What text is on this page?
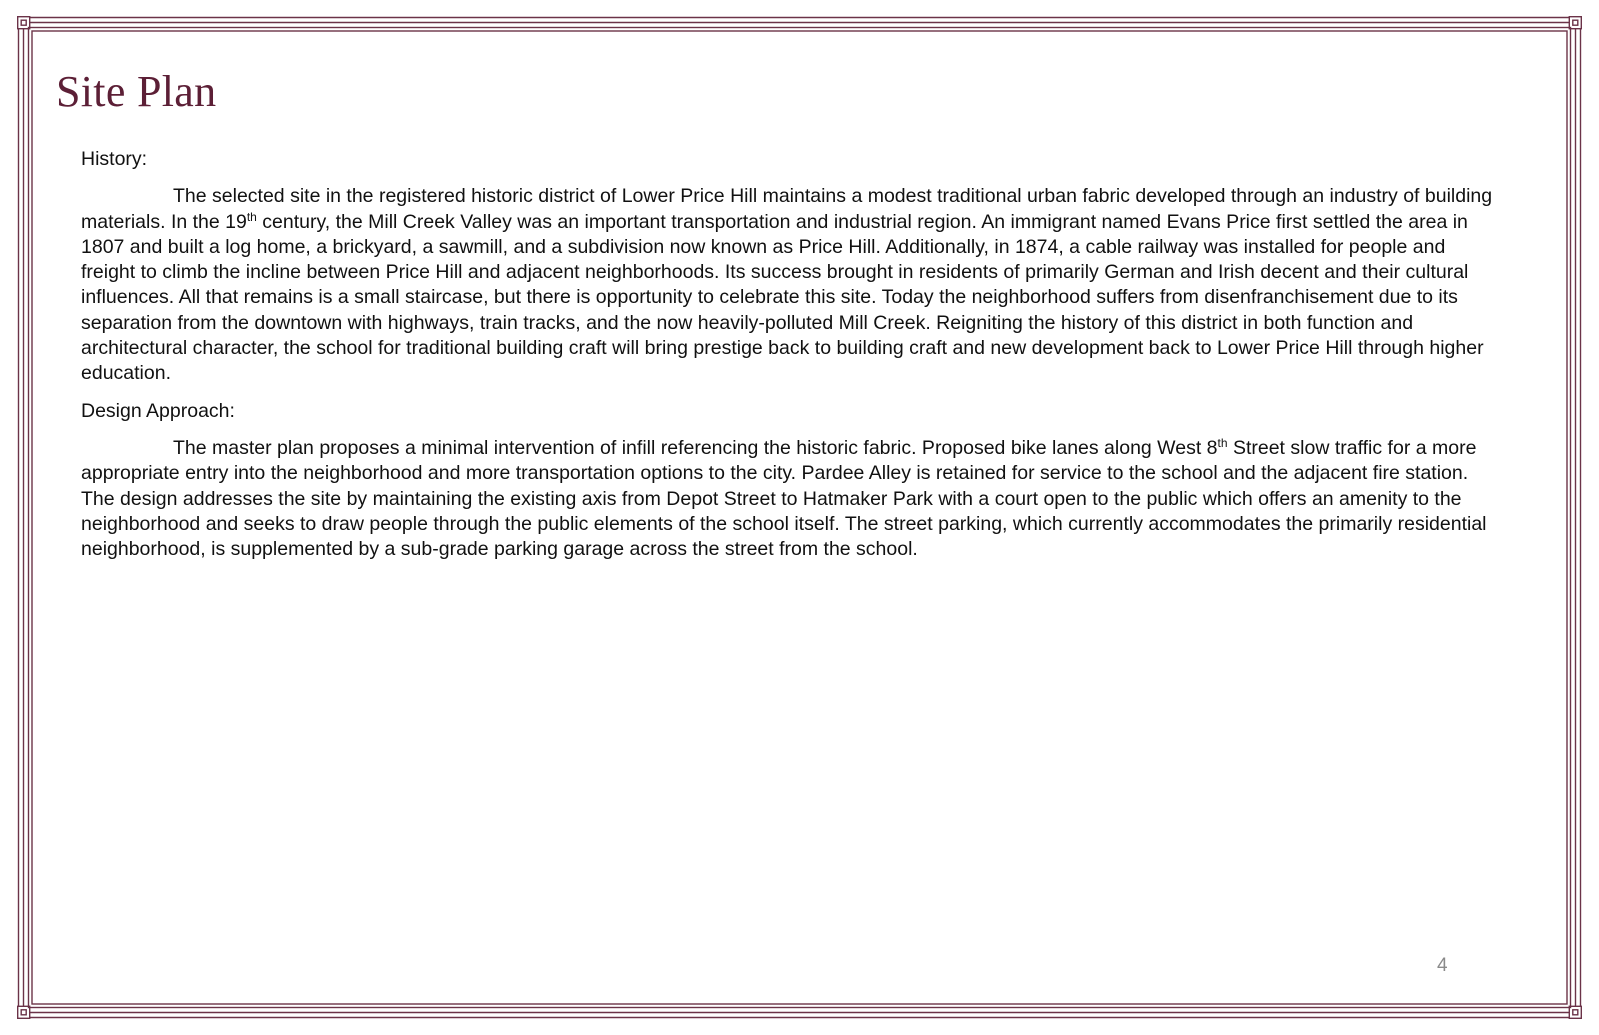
Site Plan

History:

The selected site in the registered historic district of Lower Price Hill maintains a modest traditional urban fabric developed through an industry of building materials. In the 19th century, the Mill Creek Valley was an important transportation and industrial region. An immigrant named Evans Price first settled the area in 1807 and built a log home, a brickyard, a sawmill, and a subdivision now known as Price Hill. Additionally, in 1874, a cable railway was installed for people and freight to climb the incline between Price Hill and adjacent neighborhoods. Its success brought in residents of primarily German and Irish decent and their cultural influences. All that remains is a small staircase, but there is opportunity to celebrate this site. Today the neighborhood suffers from disenfranchisement due to its separation from the downtown with highways, train tracks, and the now heavily-polluted Mill Creek. Reigniting the history of this district in both function and architectural character, the school for traditional building craft will bring prestige back to building craft and new development back to Lower Price Hill through higher education.

Design Approach:

The master plan proposes a minimal intervention of infill referencing the historic fabric. Proposed bike lanes along West 8th Street slow traffic for a more appropriate entry into the neighborhood and more transportation options to the city. Pardee Alley is retained for service to the school and the adjacent fire station. The design addresses the site by maintaining the existing axis from Depot Street to Hatmaker Park with a court open to the public which offers an amenity to the neighborhood and seeks to draw people through the public elements of the school itself. The street parking, which currently accommodates the primarily residential neighborhood, is supplemented by a sub-grade parking garage across the street from the school.

4
